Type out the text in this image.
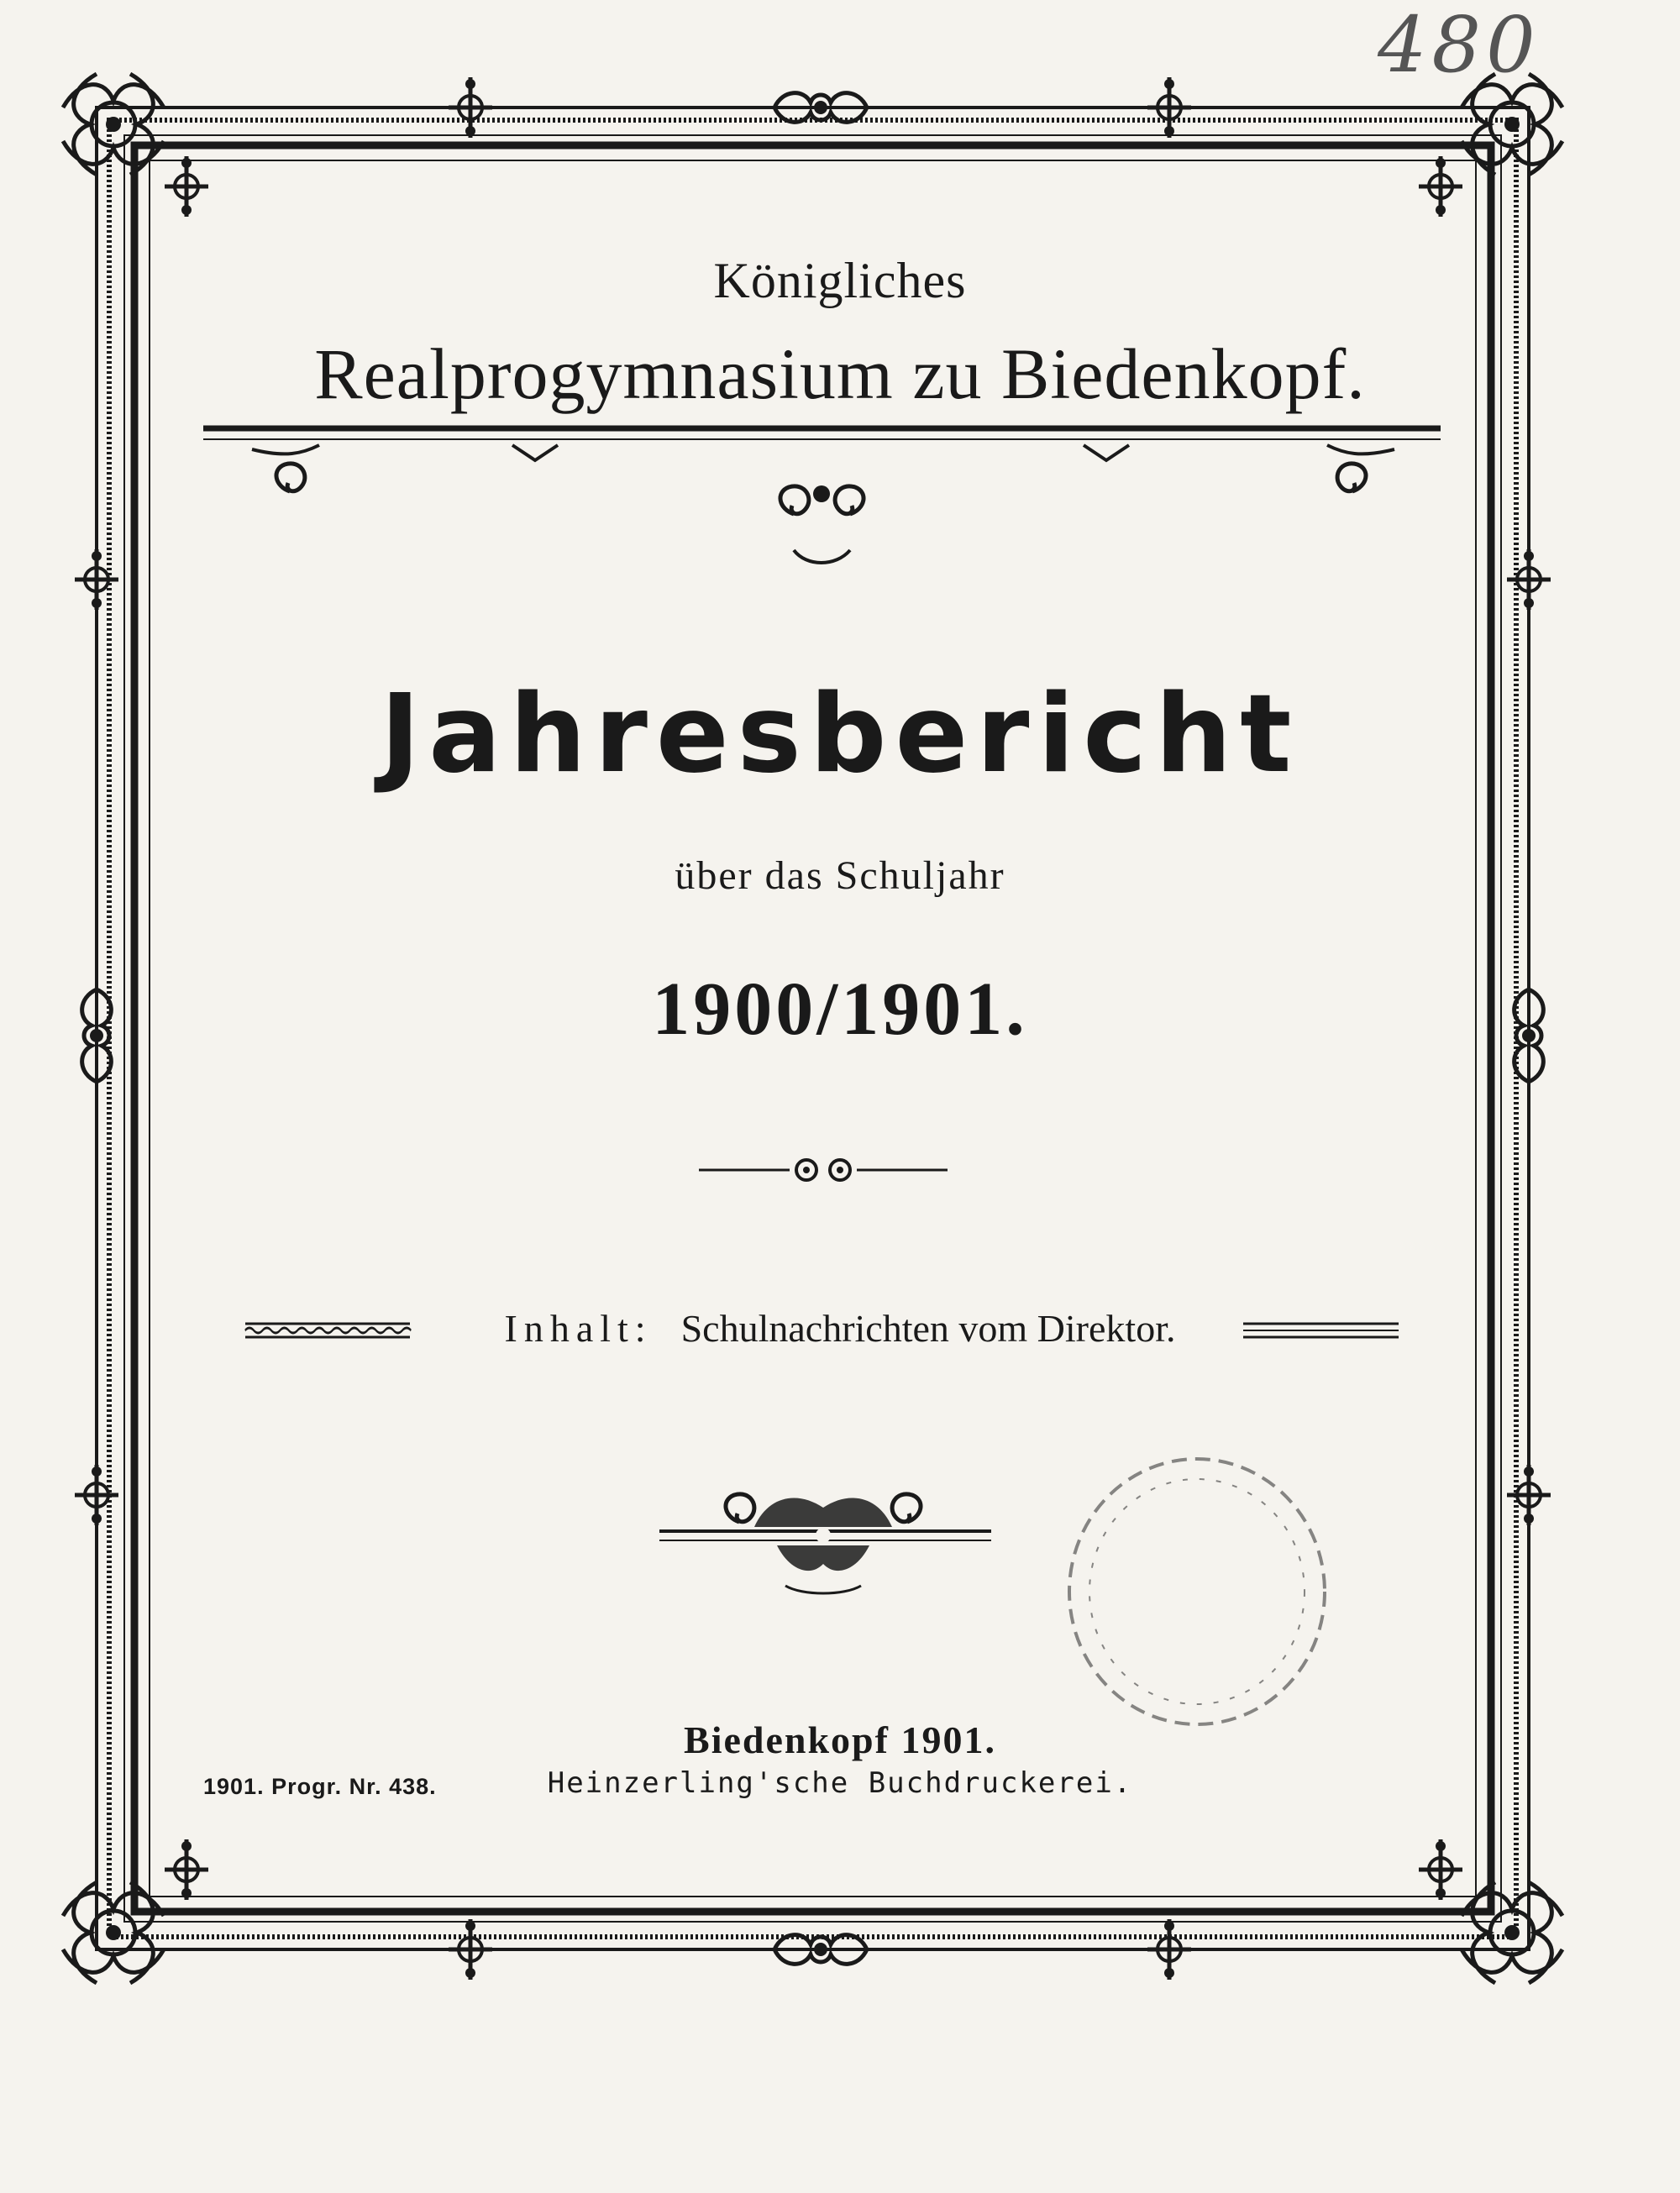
480
Königliches
Realprogymnasium zu Biedenkopf.
Jahresbericht
über das Schuljahr
1900/1901.
Inhalt: Schulnachrichten vom Direktor.
Biedenkopf 1901.
Heinzerling'sche Buchdruckerei.
1901. Progr. Nr. 438.
